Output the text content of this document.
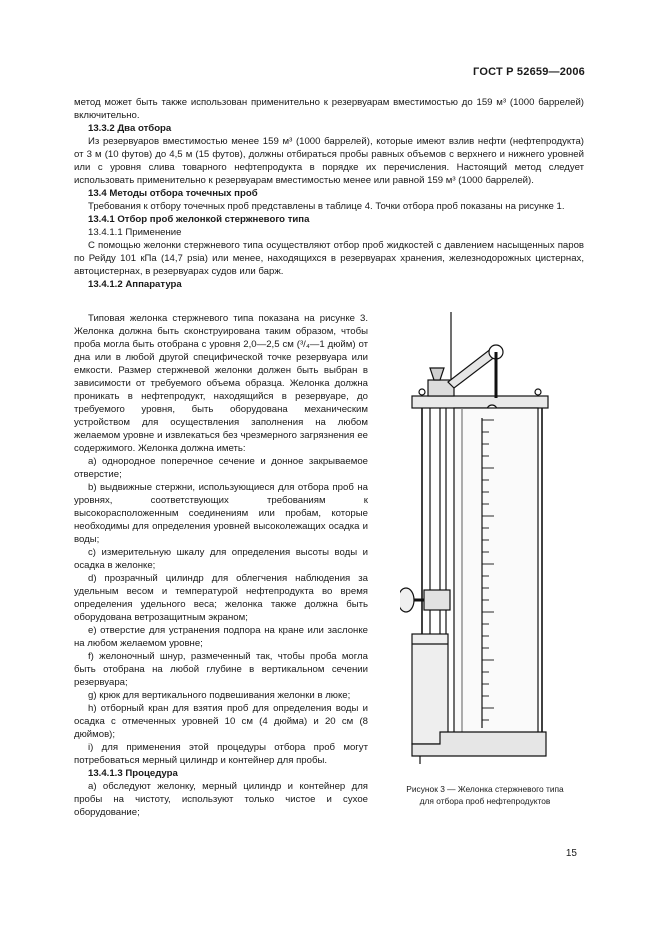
ГОСТ Р 52659—2006

метод может быть также использован применительно к резервуарам вместимостью до 159 м³ (1000 баррелей) включительно.

13.3.2 Два отбора

Из резервуаров вместимостью менее 159 м³ (1000 баррелей), которые имеют взлив нефти (нефтепродукта) от 3 м (10 футов) до 4,5 м (15 футов), должны отбираться пробы равных объемов с верхнего и нижнего уровней или с уровня слива товарного нефтепродукта в порядке их перечисления. Настоящий метод следует использовать применительно к резервуарам вместимостью менее или равной 159 м³ (1000 баррелей).

13.4 Методы отбора точечных проб

Требования к отбору точечных проб представлены в таблице 4. Точки отбора проб показаны на рисунке 1.

13.4.1 Отбор проб желонкой стержневого типа

13.4.1.1 Применение

С помощью желонки стержневого типа осуществляют отбор проб жидкостей с давлением насыщенных паров по Рейду 101 кПа (14,7 psia) или менее, находящихся в резервуарах хранения, железнодорожных цистернах, автоцистернах, в резервуарах судов или барж.

13.4.1.2 Аппаратура

Типовая желонка стержневого типа показана на рисунке 3. Желонка должна быть сконструирована таким образом, чтобы проба могла быть отобрана с уровня 2,0—2,5 см (³/₄—1 дюйм) от дна или в любой другой специфической точке резервуара или емкости. Размер стержневой желонки должен быть выбран в зависимости от требуемого объема образца. Желонка должна проникать в нефтепродукт, находящийся в резервуаре, до требуемого уровня, быть оборудована механическим устройством для осуществления заполнения на любом желаемом уровне и извлекаться без чрезмерного загрязнения ее содержимого. Желонка должна иметь:

а) однородное поперечное сечение и донное закрываемое отверстие;

b) выдвижные стержни, использующиеся для отбора проб на уровнях, соответствующих требованиям к высокорасположенным соединениям или пробам, которые необходимы для определения уровней высоколежащих осадка и воды;

c) измерительную шкалу для определения высоты воды и осадка в желонке;

d) прозрачный цилиндр для облегчения наблюдения за удельным весом и температурой нефтепродукта во время определения удельного веса; желонка также должна быть оборудована ветрозащитным экраном;

e) отверстие для устранения подпора на кране или заслонке на любом желаемом уровне;

f) желоночный шнур, размеченный так, чтобы проба могла быть отобрана на любой глубине в вертикальном сечении резервуара;

g) крюк для вертикального подвешивания желонки в люке;

h) отборный кран для взятия проб для определения воды и осадка с отмеченных уровней 10 см (4 дюйма) и 20 см (8 дюймов);

i) для применения этой процедуры отбора проб могут потребоваться мерный цилиндр и контейнер для пробы.

13.4.1.3 Процедура

а) обследуют желонку, мерный цилиндр и контейнер для пробы на чистоту, используют только чистое и сухое оборудование;

Рисунок 3 — Желонка стержневого типа
для отбора проб нефтепродуктов
15
